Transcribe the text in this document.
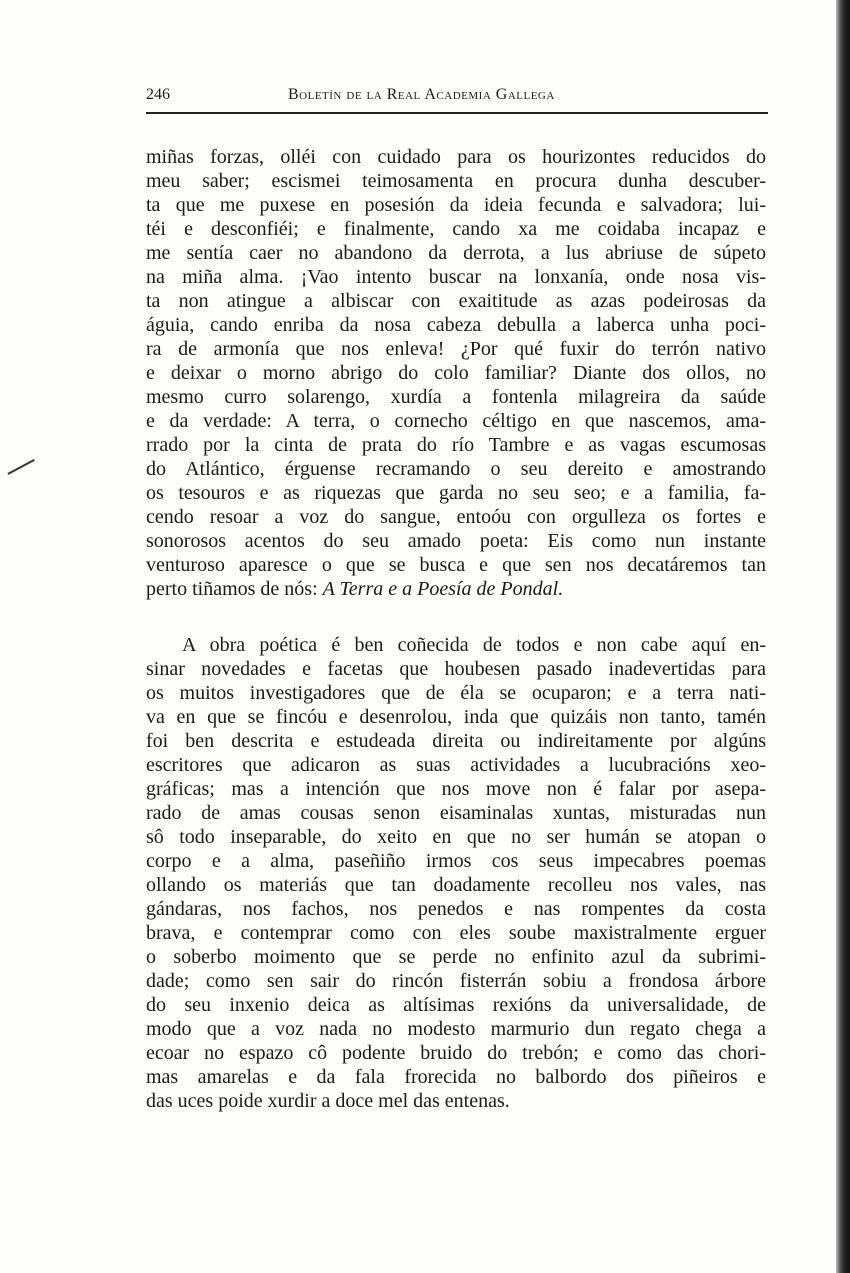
246	Boletín de la Real Academia Gallega
miñas forzas, olléi con cuidado para os hourizontes reducidos do
meu saber; escismei teimosamenta en procura dunha descuber-
ta que me puxese en posesión da ideia fecunda e salvadora; lui-
téi e desconfiéi; e finalmente, cando xa me coidaba incapaz e
me sentía caer no abandono da derrota, a lus abriuse de súpeto
na miña alma. ¡Vao intento buscar na lonxanía, onde nosa vis-
ta non atingue a albiscar con exaititude as azas podeirosas da
águia, cando enriba da nosa cabeza debulla a laberca unha poci-
ra de armonía que nos enleva! ¿Por qué fuxir do terrón nativo
e deixar o morno abrigo do colo familiar? Diante dos ollos, no
mesmo curro solarengo, xurdía a fontenla milagreira da saúde
e da verdade: A terra, o cornecho céltigo en que nascemos, ama-
rrado por la cinta de prata do río Tambre e as vagas escumosas
do Atlántico, érguense recramando o seu dereito e amostrando
os tesouros e as riquezas que garda no seu seo; e a familia, fa-
cendo resoar a voz do sangue, entoóu con orgulleza os fortes e
sonorosos acentos do seu amado poeta: Eis como nun instante
venturoso aparesce o que se busca e que sen nos decatáremos tan
perto tiñamos de nós: A Terra e a Poesía de Pondal.
A obra poética é ben coñecida de todos e non cabe aquí en-
sinar novedades e facetas que houbesen pasado inadevertidas para
os muitos investigadores que de éla se ocuparon; e a terra nati-
va en que se fincóu e desenrolou, inda que quizáis non tanto, tamén
foi ben descrita e estudeada direita ou indireitamente por algúns
escritores que adicaron as suas actividades a lucubracións xeo-
gráficas; mas a intención que nos move non é falar por asepa-
rado de amas cousas senon eisaminalas xuntas, misturadas nun
sô todo inseparable, do xeito en que no ser humán se atopan o
corpo e a alma, paseñiño irmos cos seus impecabres poemas
ollando os materiás que tan doadamente recolleu nos vales, nas
gándaras, nos fachos, nos penedos e nas rompentes da costa
brava, e contemprar como con eles soube maxistralmente erguer
o soberbo moimento que se perde no enfinito azul da subrimi-
dade; como sen sair do rincón fisterrán sobiu a frondosa árbore
do seu inxenio deica as altísimas rexións da universalidade, de
modo que a voz nada no modesto marmurio dun regato chega a
ecoar no espazo cô podente bruido do trebón; e como das chori-
mas amarelas e da fala frorecida no balbordo dos piñeiros e
das uces poide xurdir a doce mel das entenas.
